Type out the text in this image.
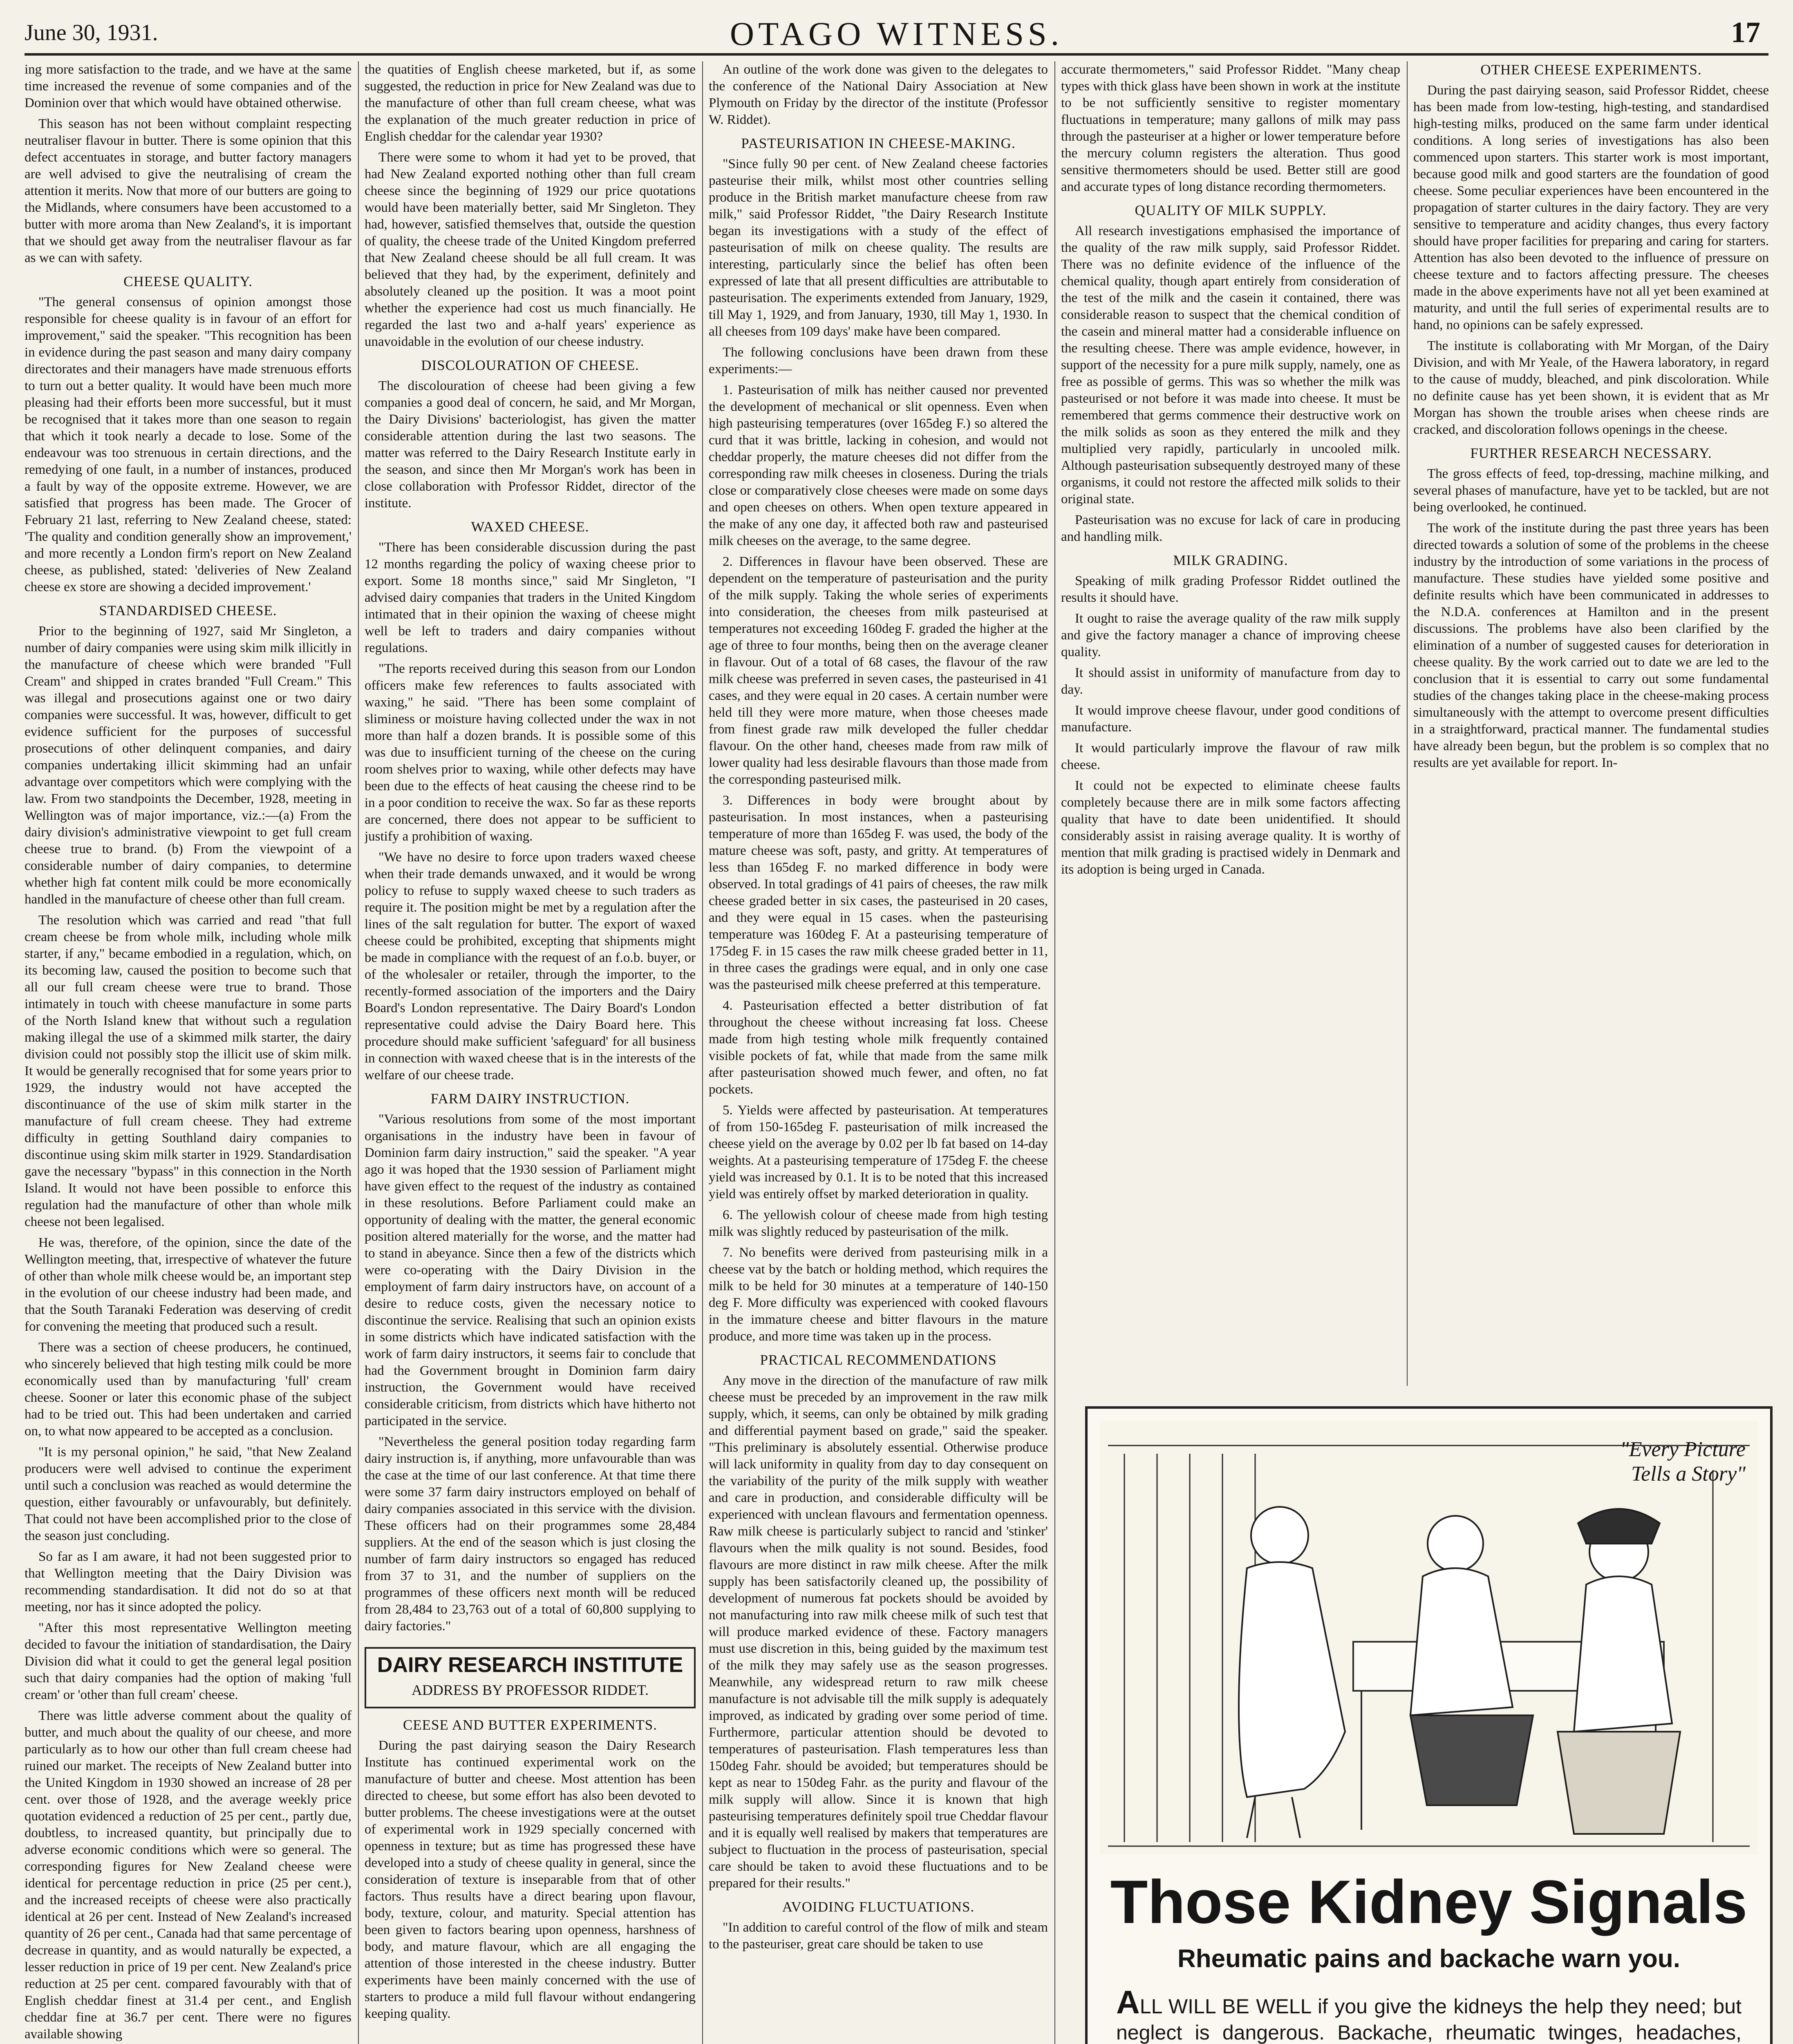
June 30, 1931.	OTAGO WITNESS.	17

ing more satisfaction to the trade, and we have at the same time increased the revenue of some companies and of the Dominion over that which would have obtained otherwise.

This season has not been without complaint respecting neutraliser flavour in butter. There is some opinion that this defect accentuates in storage, and butter factory managers are well advised to give the neutralising of cream the attention it merits. Now that more of our butters are going to the Midlands, where consumers have been accustomed to a butter with more aroma than New Zealand's, it is important that we should get away from the neutraliser flavour as far as we can with safety.

CHEESE QUALITY.

"The general consensus of opinion amongst those responsible for cheese quality is in favour of an effort for improvement," said the speaker. "This recognition has been in evidence during the past season and many dairy company directorates and their managers have made strenuous efforts to turn out a better quality. It would have been much more pleasing had their efforts been more successful, but it must be recognised that it takes more than one season to regain that which it took nearly a decade to lose. Some of the endeavour was too strenuous in certain directions, and the remedying of one fault, in a number of instances, produced a fault by way of the opposite extreme. However, we are satisfied that progress has been made. The Grocer of February 21 last, referring to New Zealand cheese, stated: 'The quality and condition generally show an improvement,' and more recently a London firm's report on New Zealand cheese, as published, stated: 'deliveries of New Zealand cheese ex store are showing a decided improvement.'

STANDARDISED CHEESE.

Prior to the beginning of 1927, said Mr Singleton, a number of dairy companies were using skim milk illicitly in the manufacture of cheese which were branded "Full Cream" and shipped in crates branded "Full Cream." This was illegal and prosecutions against one or two dairy companies were successful. It was, however, difficult to get evidence sufficient for the purposes of successful prosecutions of other delinquent companies, and dairy companies undertaking illicit skimming had an unfair advantage over competitors which were complying with the law. From two standpoints the December, 1928, meeting in Wellington was of major importance, viz.:—(a) From the dairy division's administrative viewpoint to get full cream cheese true to brand. (b) From the viewpoint of a considerable number of dairy companies, to determine whether high fat content milk could be more economically handled in the manufacture of cheese other than full cream.

The resolution which was carried and read "that full cream cheese be from whole milk, including whole milk starter, if any," became embodied in a regulation, which, on its becoming law, caused the position to become such that all our full cream cheese were true to brand. Those intimately in touch with cheese manufacture in some parts of the North Island knew that without such a regulation making illegal the use of a skimmed milk starter, the dairy division could not possibly stop the illicit use of skim milk. It would be generally recognised that for some years prior to 1929, the industry would not have accepted the discontinuance of the use of skim milk starter in the manufacture of full cream cheese. They had extreme difficulty in getting Southland dairy companies to discontinue using skim milk starter in 1929. Standardisation gave the necessary "bypass" in this connection in the North Island. It would not have been possible to enforce this regulation had the manufacture of other than whole milk cheese not been legalised.

He was, therefore, of the opinion, since the date of the Wellington meeting, that, irrespective of whatever the future of other than whole milk cheese would be, an important step in the evolution of our cheese industry had been made, and that the South Taranaki Federation was deserving of credit for convening the meeting that produced such a result.

There was a section of cheese producers, he continued, who sincerely believed that high testing milk could be more economically used than by manufacturing 'full' cream cheese. Sooner or later this economic phase of the subject had to be tried out. This had been undertaken and carried on, to what now appeared to be accepted as a conclusion.

"It is my personal opinion," he said, "that New Zealand producers were well advised to continue the experiment until such a conclusion was reached as would determine the question, either favourably or unfavourably, but definitely. That could not have been accomplished prior to the close of the season just concluding.

So far as I am aware, it had not been suggested prior to that Wellington meeting that the Dairy Division was recommending standardisation. It did not do so at that meeting, nor has it since adopted the policy.

"After this most representative Wellington meeting decided to favour the initiation of standardisation, the Dairy Division did what it could to get the general legal position such that dairy companies had the option of making 'full cream' or 'other than full cream' cheese.

There was little adverse comment about the quality of butter, and much about the quality of our cheese, and more particularly as to how our other than full cream cheese had ruined our market. The receipts of New Zealand butter into the United Kingdom in 1930 showed an increase of 28 per cent. over those of 1928, and the average weekly price quotation evidenced a reduction of 25 per cent., partly due, doubtless, to increased quantity, but principally due to adverse economic conditions which were so general. The corresponding figures for New Zealand cheese were identical for percentage reduction in price (25 per cent.), and the increased receipts of cheese were also practically identical at 26 per cent. Instead of New Zealand's increased quantity of 26 per cent., Canada had that same percentage of decrease in quantity, and as would naturally be expected, a lesser reduction in price of 19 per cent. New Zealand's price reduction at 25 per cent. compared favourably with that of English cheddar finest at 31.4 per cent., and English cheddar fine at 36.7 per cent. There were no figures available showing

the quatities of English cheese marketed, but if, as some suggested, the reduction in price for New Zealand was due to the manufacture of other than full cream cheese, what was the explanation of the much greater reduction in price of English cheddar for the calendar year 1930?

There were some to whom it had yet to be proved, that had New Zealand exported nothing other than full cream cheese since the beginning of 1929 our price quotations would have been materially better, said Mr Singleton. They had, however, satisfied themselves that, outside the question of quality, the cheese trade of the United Kingdom preferred that New Zealand cheese should be all full cream. It was believed that they had, by the experiment, definitely and absolutely cleaned up the position. It was a moot point whether the experience had cost us much financially. He regarded the last two and a-half years' experience as unavoidable in the evolution of our cheese industry.

DISCOLOURATION OF CHEESE.

The discolouration of cheese had been giving a few companies a good deal of concern, he said, and Mr Morgan, the Dairy Divisions' bacteriologist, has given the matter considerable attention during the last two seasons. The matter was referred to the Dairy Research Institute early in the season, and since then Mr Morgan's work has been in close collaboration with Professor Riddet, director of the institute.

WAXED CHEESE.

"There has been considerable discussion during the past 12 months regarding the policy of waxing cheese prior to export. Some 18 months since," said Mr Singleton, "I advised dairy companies that traders in the United Kingdom intimated that in their opinion the waxing of cheese might well be left to traders and dairy companies without regulations.

"The reports received during this season from our London officers make few references to faults associated with waxing," he said. "There has been some complaint of sliminess or moisture having collected under the wax in not more than half a dozen brands. It is possible some of this was due to insufficient turning of the cheese on the curing room shelves prior to waxing, while other defects may have been due to the effects of heat causing the cheese rind to be in a poor condition to receive the wax. So far as these reports are concerned, there does not appear to be sufficient to justify a prohibition of waxing.

"We have no desire to force upon traders waxed cheese when their trade demands unwaxed, and it would be wrong policy to refuse to supply waxed cheese to such traders as require it. The position might be met by a regulation after the lines of the salt regulation for butter. The export of waxed cheese could be prohibited, excepting that shipments might be made in compliance with the request of an f.o.b. buyer, or of the wholesaler or retailer, through the importer, to the recently-formed association of the importers and the Dairy Board's London representative. The Dairy Board's London representative could advise the Dairy Board here. This procedure should make sufficient 'safeguard' for all business in connection with waxed cheese that is in the interests of the welfare of our cheese trade.

FARM DAIRY INSTRUCTION.

"Various resolutions from some of the most important organisations in the industry have been in favour of Dominion farm dairy instruction," said the speaker. "A year ago it was hoped that the 1930 session of Parliament might have given effect to the request of the industry as contained in these resolutions. Before Parliament could make an opportunity of dealing with the matter, the general economic position altered materially for the worse, and the matter had to stand in abeyance. Since then a few of the districts which were co-operating with the Dairy Division in the employment of farm dairy instructors have, on account of a desire to reduce costs, given the necessary notice to discontinue the service. Realising that such an opinion exists in some districts which have indicated satisfaction with the work of farm dairy instructors, it seems fair to conclude that had the Government brought in Dominion farm dairy instruction, the Government would have received considerable criticism, from districts which have hitherto not participated in the service.

"Nevertheless the general position today regarding farm dairy instruction is, if anything, more unfavourable than was the case at the time of our last conference. At that time there were some 37 farm dairy instructors employed on behalf of dairy companies associated in this service with the division. These officers had on their programmes some 28,484 suppliers. At the end of the season which is just closing the number of farm dairy instructors so engaged has reduced from 37 to 31, and the number of suppliers on the programmes of these officers next month will be reduced from 28,484 to 23,763 out of a total of 60,800 supplying to dairy factories."

DAIRY RESEARCH INSTITUTE
ADDRESS BY PROFESSOR RIDDET.
CEESE AND BUTTER EXPERIMENTS.

During the past dairying season the Dairy Research Institute has continued experimental work on the manufacture of butter and cheese. Most attention has been directed to cheese, but some effort has also been devoted to butter problems. The cheese investigations were at the outset of experimental work in 1929 specially concerned with openness in texture; but as time has progressed these have developed into a study of cheese quality in general, since the consideration of texture is inseparable from that of other factors. Thus results have a direct bearing upon flavour, body, texture, colour, and maturity. Special attention has been given to factors bearing upon openness, harshness of body, and mature flavour, which are all engaging the attention of those interested in the cheese industry. Butter experiments have been mainly concerned with the use of starters to produce a mild full flavour without endangering keeping quality.

An outline of the work done was given to the delegates to the conference of the National Dairy Association at New Plymouth on Friday by the director of the institute (Professor W. Riddet).

PASTEURISATION IN CHEESE-MAKING.

"Since fully 90 per cent. of New Zealand cheese factories pasteurise their milk, whilst most other countries selling produce in the British market manufacture cheese from raw milk," said Professor Riddet, "the Dairy Research Institute began its investigations with a study of the effect of pasteurisation of milk on cheese quality. The results are interesting, particularly since the belief has often been expressed of late that all present difficulties are attributable to pasteurisation. The experiments extended from January, 1929, till May 1, 1929, and from January, 1930, till May 1, 1930. In all cheeses from 109 days' make have been compared.

The following conclusions have been drawn from these experiments:—

1. Pasteurisation of milk has neither caused nor prevented the development of mechanical or slit openness. Even when high pasteurising temperatures (over 165deg F.) so altered the curd that it was brittle, lacking in cohesion, and would not cheddar properly, the mature cheeses did not differ from the corresponding raw milk cheeses in closeness. During the trials close or comparatively close cheeses were made on some days and open cheeses on others. When open texture appeared in the make of any one day, it affected both raw and pasteurised milk cheeses on the average, to the same degree.

2. Differences in flavour have been observed. These are dependent on the temperature of pasteurisation and the purity of the milk supply. Taking the whole series of experiments into consideration, the cheeses from milk pasteurised at temperatures not exceeding 160deg F. graded the higher at the age of three to four months, being then on the average cleaner in flavour. Out of a total of 68 cases, the flavour of the raw milk cheese was preferred in seven cases, the pasteurised in 41 cases, and they were equal in 20 cases. A certain number were held till they were more mature, when those cheeses made from finest grade raw milk developed the fuller cheddar flavour. On the other hand, cheeses made from raw milk of lower quality had less desirable flavours than those made from the corresponding pasteurised milk.

3. Differences in body were brought about by pasteurisation. In most instances, when a pasteurising temperature of more than 165deg F. was used, the body of the mature cheese was soft, pasty, and gritty. At temperatures of less than 165deg F. no marked difference in body were observed. In total gradings of 41 pairs of cheeses, the raw milk cheese graded better in six cases, the pasteurised in 20 cases, and they were equal in 15 cases. when the pasteurising temperature was 160deg F. At a pasteurising temperature of 175deg F. in 15 cases the raw milk cheese graded better in 11, in three cases the gradings were equal, and in only one case was the pasteurised milk cheese preferred at this temperature.

4. Pasteurisation effected a better distribution of fat throughout the cheese without increasing fat loss. Cheese made from high testing whole milk frequently contained visible pockets of fat, while that made from the same milk after pasteurisation showed much fewer, and often, no fat pockets.

5. Yields were affected by pasteurisation. At temperatures of from 150-165deg F. pasteurisation of milk increased the cheese yield on the average by 0.02 per lb fat based on 14-day weights. At a pasteurising temperature of 175deg F. the cheese yield was increased by 0.1. It is to be noted that this increased yield was entirely offset by marked deterioration in quality.

6. The yellowish colour of cheese made from high testing milk was slightly reduced by pasteurisation of the milk.

7. No benefits were derived from pasteurising milk in a cheese vat by the batch or holding method, which requires the milk to be held for 30 minutes at a temperature of 140-150 deg F. More difficulty was experienced with cooked flavours in the immature cheese and bitter flavours in the mature produce, and more time was taken up in the process.

PRACTICAL RECOMMENDATIONS

Any move in the direction of the manufacture of raw milk cheese must be preceded by an improvement in the raw milk supply, which, it seems, can only be obtained by milk grading and differential payment based on grade," said the speaker. "This preliminary is absolutely essential. Otherwise produce will lack uniformity in quality from day to day consequent on the variability of the purity of the milk supply with weather and care in production, and considerable difficulty will be experienced with unclean flavours and fermentation openness. Raw milk cheese is particularly subject to rancid and 'stinker' flavours when the milk quality is not sound. Besides, food flavours are more distinct in raw milk cheese. After the milk supply has been satisfactorily cleaned up, the possibility of development of numerous fat pockets should be avoided by not manufacturing into raw milk cheese milk of such test that will produce marked evidence of these. Factory managers must use discretion in this, being guided by the maximum test of the milk they may safely use as the season progresses. Meanwhile, any widespread return to raw milk cheese manufacture is not advisable till the milk supply is adequately improved, as indicated by grading over some period of time. Furthermore, particular attention should be devoted to temperatures of pasteurisation. Flash temperatures less than 150deg Fahr. should be avoided; but temperatures should be kept as near to 150deg Fahr. as the purity and flavour of the milk supply will allow. Since it is known that high pasteurising temperatures definitely spoil true Cheddar flavour and it is equally well realised by makers that temperatures are subject to fluctuation in the process of pasteurisation, special care should be taken to avoid these fluctuations and to be prepared for their results."

AVOIDING FLUCTUATIONS.

"In addition to careful control of the flow of milk and steam to the pasteuriser, great care should be taken to use

accurate thermometers," said Professor Riddet. "Many cheap types with thick glass have been shown in work at the institute to be not sufficiently sensitive to register momentary fluctuations in temperature; many gallons of milk may pass through the pasteuriser at a higher or lower temperature before the mercury column registers the alteration. Thus good sensitive thermometers should be used. Better still are good and accurate types of long distance recording thermometers.

QUALITY OF MILK SUPPLY.

All research investigations emphasised the importance of the quality of the raw milk supply, said Professor Riddet. There was no definite evidence of the influence of the chemical quality, though apart entirely from consideration of the test of the milk and the casein it contained, there was considerable reason to suspect that the chemical condition of the casein and mineral matter had a considerable influence on the resulting cheese. There was ample evidence, however, in support of the necessity for a pure milk supply, namely, one as free as possible of germs. This was so whether the milk was pasteurised or not before it was made into cheese. It must be remembered that germs commence their destructive work on the milk solids as soon as they entered the milk and they multiplied very rapidly, particularly in uncooled milk. Although pasteurisation subsequently destroyed many of these organisms, it could not restore the affected milk solids to their original state.

Pasteurisation was no excuse for lack of care in producing and handling milk.

MILK GRADING.

Speaking of milk grading Professor Riddet outlined the results it should have.

It ought to raise the average quality of the raw milk supply and give the factory manager a chance of improving cheese quality.

It should assist in uniformity of manufacture from day to day.

It would improve cheese flavour, under good conditions of manufacture.

It would particularly improve the flavour of raw milk cheese.

It could not be expected to eliminate cheese faults completely because there are in milk some factors affecting quality that have to date been unidentified. It should considerably assist in raising average quality. It is worthy of mention that milk grading is practised widely in Denmark and its adoption is being urged in Canada.

OTHER CHEESE EXPERIMENTS.

During the past dairying season, said Professor Riddet, cheese has been made from low-testing, high-testing, and standardised high-testing milks, produced on the same farm under identical conditions. A long series of investigations has also been commenced upon starters. This starter work is most important, because good milk and good starters are the foundation of good cheese. Some peculiar experiences have been encountered in the propagation of starter cultures in the dairy factory. They are very sensitive to temperature and acidity changes, thus every factory should have proper facilities for preparing and caring for starters. Attention has also been devoted to the influence of pressure on cheese texture and to factors affecting pressure. The cheeses made in the above experiments have not all yet been examined at maturity, and until the full series of experimental results are to hand, no opinions can be safely expressed.

The institute is collaborating with Mr Morgan, of the Dairy Division, and with Mr Yeale, of the Hawera laboratory, in regard to the cause of muddy, bleached, and pink discoloration. While no definite cause has yet been shown, it is evident that as Mr Morgan has shown the trouble arises when cheese rinds are cracked, and discoloration follows openings in the cheese.

FURTHER RESEARCH NECESSARY.

The gross effects of feed, top-dressing, machine milking, and several phases of manufacture, have yet to be tackled, but are not being overlooked, he continued.

The work of the institute during the past three years has been directed towards a solution of some of the problems in the cheese industry by the introduction of some variations in the process of manufacture. These studies have yielded some positive and definite results which have been communicated in addresses to the N.D.A. conferences at Hamilton and in the present discussions. The problems have also been clarified by the elimination of a number of suggested causes for deterioration in cheese quality. By the work carried out to date we are led to the conclusion that it is essential to carry out some fundamental studies of the changes taking place in the cheese-making process simultaneously with the attempt to overcome present difficulties in a straightforward, practical manner. The fundamental studies have already been begun, but the problem is so complex that no results are yet available for report. In-

"Every Picture
Tells a Story"
Those Kidney Signals
Rheumatic pains and backache warn you.
ALL WILL BE WELL if you give the kidneys the help they need; but neglect is dangerous. Backache, rheumatic twinges, headaches,
